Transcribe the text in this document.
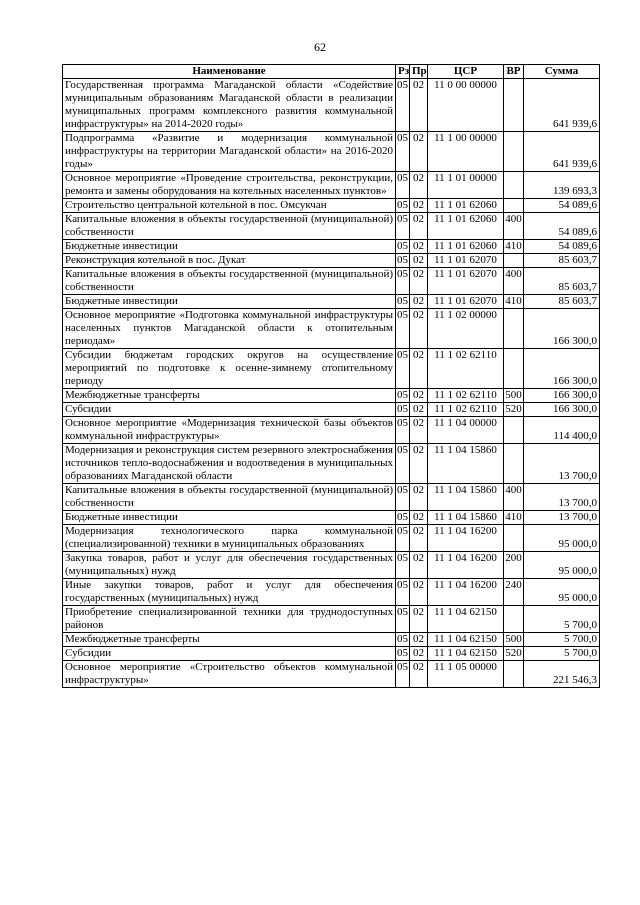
62
Наименование	Рз	Пр	ЦСР	ВР	Сумма
Государственная программа Магаданской области «Содействие муниципальным образованиям Магаданской области в реализации муниципальных программ комплексного развития коммунальной инфраструктуры» на 2014-2020 годы»	05	02	11 0 00 00000		641 939,6
Подпрограмма «Развитие и модернизация коммунальной инфраструктуры на территории Магаданской области» на 2016-2020 годы»	05	02	11 1 00 00000		641 939,6
Основное мероприятие «Проведение строительства, реконструкции, ремонта и замены оборудования на котельных населенных пунктов»	05	02	11 1 01 00000		139 693,3
Строительство центральной котельной в пос. Омсукчан	05	02	11 1 01 62060		54 089,6
Капитальные вложения в объекты государственной (муниципальной) собственности	05	02	11 1 01 62060	400	54 089,6
Бюджетные инвестиции	05	02	11 1 01 62060	410	54 089,6
Реконструкция котельной в пос. Дукат	05	02	11 1 01 62070		85 603,7
Капитальные вложения в объекты государственной (муниципальной) собственности	05	02	11 1 01 62070	400	85 603,7
Бюджетные инвестиции	05	02	11 1 01 62070	410	85 603,7
Основное мероприятие «Подготовка коммунальной инфраструктуры населенных пунктов Магаданской области к отопительным периодам»	05	02	11 1 02 00000		166 300,0
Субсидии бюджетам городских округов на осуществление мероприятий по подготовке к осенне-зимнему отопительному периоду	05	02	11 1 02 62110		166 300,0
Межбюджетные трансферты	05	02	11 1 02 62110	500	166 300,0
Субсидии	05	02	11 1 02 62110	520	166 300,0
Основное мероприятие «Модернизация технической базы объектов коммунальной инфраструктуры»	05	02	11 1 04 00000		114 400,0
Модернизация и реконструкция систем резервного электроснабжения источников тепло-водоснабжения и водоотведения в муниципальных образованиях Магаданской области	05	02	11 1 04 15860		13 700,0
Капитальные вложения в объекты государственной (муниципальной) собственности	05	02	11 1 04 15860	400	13 700,0
Бюджетные инвестиции	05	02	11 1 04 15860	410	13 700,0
Модернизация технологического парка коммунальной (специализированной) техники в муниципальных образованиях	05	02	11 1 04 16200		95 000,0
Закупка товаров, работ и услуг для обеспечения государственных (муниципальных) нужд	05	02	11 1 04 16200	200	95 000,0
Иные закупки товаров, работ и услуг для обеспечения государственных (муниципальных) нужд	05	02	11 1 04 16200	240	95 000,0
Приобретение специализированной техники для труднодоступных районов	05	02	11 1 04 62150		5 700,0
Межбюджетные трансферты	05	02	11 1 04 62150	500	5 700,0
Субсидии	05	02	11 1 04 62150	520	5 700,0
Основное мероприятие «Строительство объектов коммунальной инфраструктуры»	05	02	11 1 05 00000		221 546,3
